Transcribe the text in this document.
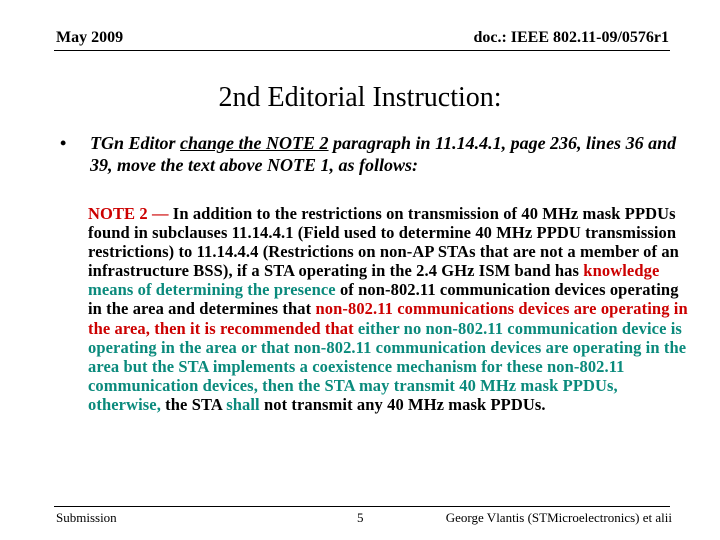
May 2009	doc.: IEEE 802.11-09/0576r1
2nd Editorial Instruction:
•	TGn Editor change the NOTE 2 paragraph in 11.14.4.1, page 236, lines 36 and 39, move the text above NOTE 1, as follows:
NOTE 2 — In addition to the restrictions on transmission of 40 MHz mask PPDUs found in subclauses 11.14.4.1 (Field used to determine 40 MHz PPDU transmission restrictions) to 11.14.4.4 (Restrictions on non-AP STAs that are not a member of an infrastructure BSS), if a STA operating in the 2.4 GHz ISM band has knowledge means of determining the presence of non-802.11 communication devices operating in the area and determines that non-802.11 communications devices are operating in the area, then it is recommended that either no non-802.11 communication device is operating in the area or that non-802.11 communication devices are operating in the area but the STA implements a coexistence mechanism for these non-802.11 communication devices, then the STA may transmit 40 MHz mask PPDUs, otherwise, the STA shall not transmit any 40 MHz mask PPDUs.
Submission	5	George Vlantis (STMicroelectronics) et alii
